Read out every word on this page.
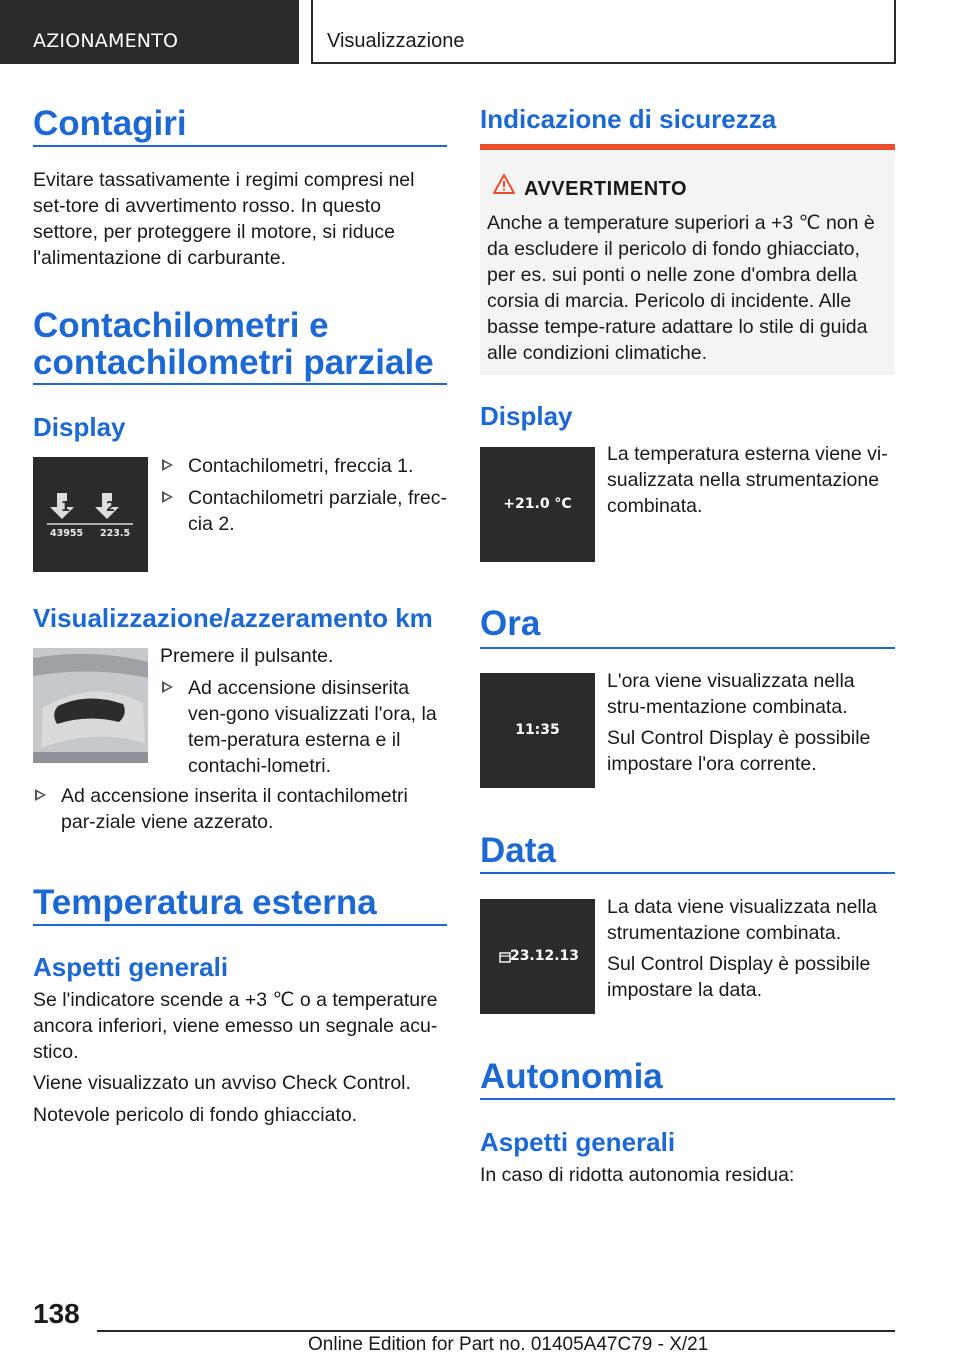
AZIONAMENTO	Visualizzazione
Contagiri
Evitare tassativamente i regimi compresi nel set-tore di avvertimento rosso. In questo settore, per proteggere il motore, si riduce l'alimentazione di carburante.
Contachilometri e
contachilometri parziale
Display
1	2
43955 223.5
Contachilometri, freccia 1.
Contachilometri parziale, frec-cia 2.
Visualizzazione/azzeramento km
Premere il pulsante.
Ad accensione disinserita ven-gono visualizzati l'ora, la tem-peratura esterna e il contachi-lometri.
Ad accensione inserita il contachilometri par-ziale viene azzerato.
Temperatura esterna
Aspetti generali
Se l'indicatore scende a +3 ℃ o a temperature ancora inferiori, viene emesso un segnale acu-stico.
Viene visualizzato un avviso Check Control.
Notevole pericolo di fondo ghiacciato.
Indicazione di sicurezza
AVVERTIMENTO
Anche a temperature superiori a +3 ℃ non è da escludere il pericolo di fondo ghiacciato, per es. sui ponti o nelle zone d'ombra della corsia di marcia. Pericolo di incidente. Alle basse tempe-rature adattare lo stile di guida alle condizioni climatiche.
Display
+21.0 °C
La temperatura esterna viene vi-sualizzata nella strumentazione combinata.
Ora
11:35
L'ora viene visualizzata nella stru-mentazione combinata.
Sul Control Display è possibile impostare l'ora corrente.
Data
23.12.13
La data viene visualizzata nella strumentazione combinata.
Sul Control Display è possibile impostare la data.
Autonomia
Aspetti generali
In caso di ridotta autonomia residua:
138
Online Edition for Part no. 01405A47C79 - X/21
